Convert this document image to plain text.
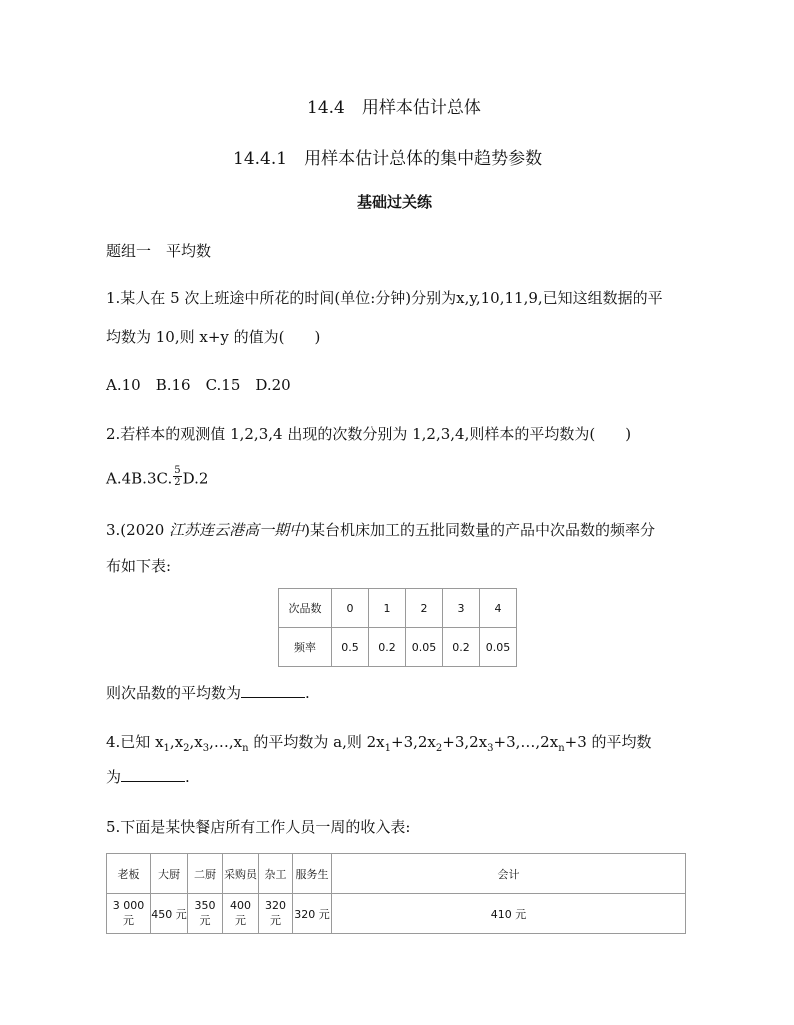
14.4　用样本估计总体
14.4.1　用样本估计总体的集中趋势参数
基础过关练
题组一　平均数
1.某人在 5 次上班途中所花的时间(单位:分钟)分别为x,y,10,11,9,已知这组数据的平
均数为 10,则 x+y 的值为(　　)
A.10　B.16　C.15　D.20
2.若样本的观测值 1,2,3,4 出现的次数分别为 1,2,3,4,则样本的平均数为(　　)
A.4B.3C. $\frac{5}{2} D.2$
3.(2020 江苏连云港高一期中)某台机床加工的五批同数量的产品中次品数的频率分
布如下表:
次品数	0	1	2	3	4
频率	0.5	0.2	0.05	0.2	0.05
则次品数的平均数为	.
4.已知 $x_1,x_2,x_3,\dots,x_n$ 的平均数为 a,则 $2x_1+3,2x_2+3,2x_3+3,\dots,2x_n+3$ 的平均数
为	.
5.下面是某快餐店所有工作人员一周的收入表:
老板	大厨	二厨	采购员	杂工	服务生	会计
3 000 元	450 元	350 元	400 元	320 元	320 元	410 元
